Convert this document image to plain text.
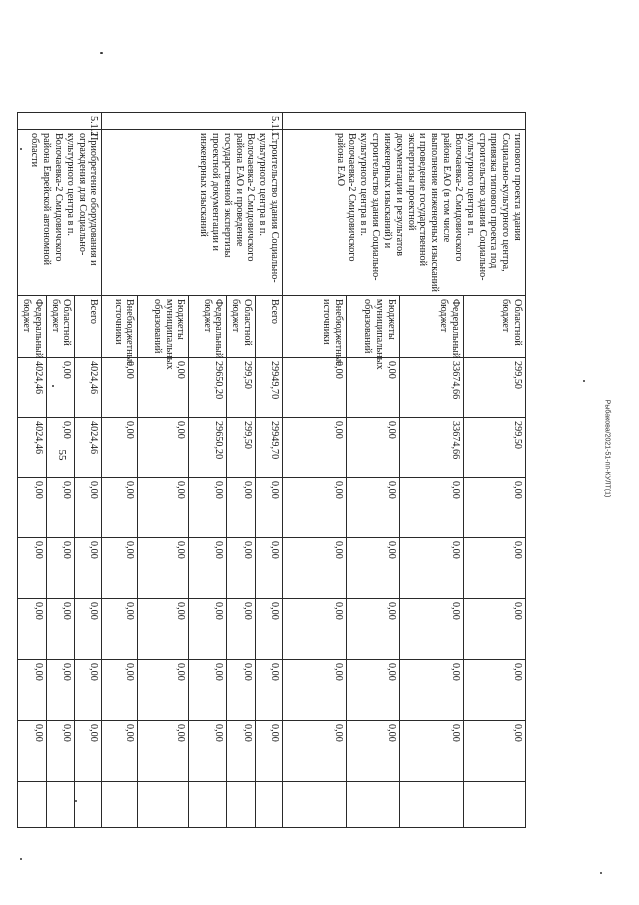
55	Рыбакова/2021-51-пп-КУЛТ(1)
	типового проекта здания Социально-культурного центра, привязка типового проекта под строительство здания Социально-культурного центра в п. Волочаевка-2 Смидовичского района ЕАО (в том числе выполнение инженерных изысканий и проведение государственной экспертизы проектной документации и результатов инженерных изысканий) и строительство здания Социально-культурного центра в п. Волочаевка-2 Смидовичского района ЕАО	Областной бюджет	299,50	299,50	0,00	0,00	0,00	0,00	0,00	
		Федеральный бюджет	33674,66	33674,66	0,00	0,00	0,00	0,00	0,00	
		Бюджеты муниципальных образований	0,00	0,00	0,00	0,00	0,00	0,00	0,00	
		Внебюджетные источники	0,00	0,00	0,00	0,00	0,00	0,00	0,00	
5.1.1	Строительство здания Социально-культурного центра в п. Волочаевка-2 Смидовичского района ЕАО и проведение государственной экспертизы проектной документации и инженерных изысканий	Всего	29949,70	29949,70	0,00	0,00	0,00	0,00	0,00	
		Областной бюджет	299,50	299,50	0,00	0,00	0,00	0,00	0,00	
		Федеральный бюджет	29650,20	29650,20	0,00	0,00	0,00	0,00	0,00	
		Бюджеты муниципальных образований	0,00	0,00	0,00	0,00	0,00	0,00	0,00	
		Внебюджетные источники	0,00	0,00	0,00	0,00	0,00	0,00	0,00	
5.1.2	Приобретение оборудования и ограждения для Социально-культурного центра в п. Волочаевка-2 Смидовичского района Еврейской автономной области	Всего	4024,46	4024,46	0,00	0,00	0,00	0,00	0,00	
		Областной бюджет	0,00	0,00	0,00	0,00	0,00	0,00	0,00	
		Федеральный бюджет	4024,46	4024,46	0,00	0,00	0,00	0,00	0,00	
